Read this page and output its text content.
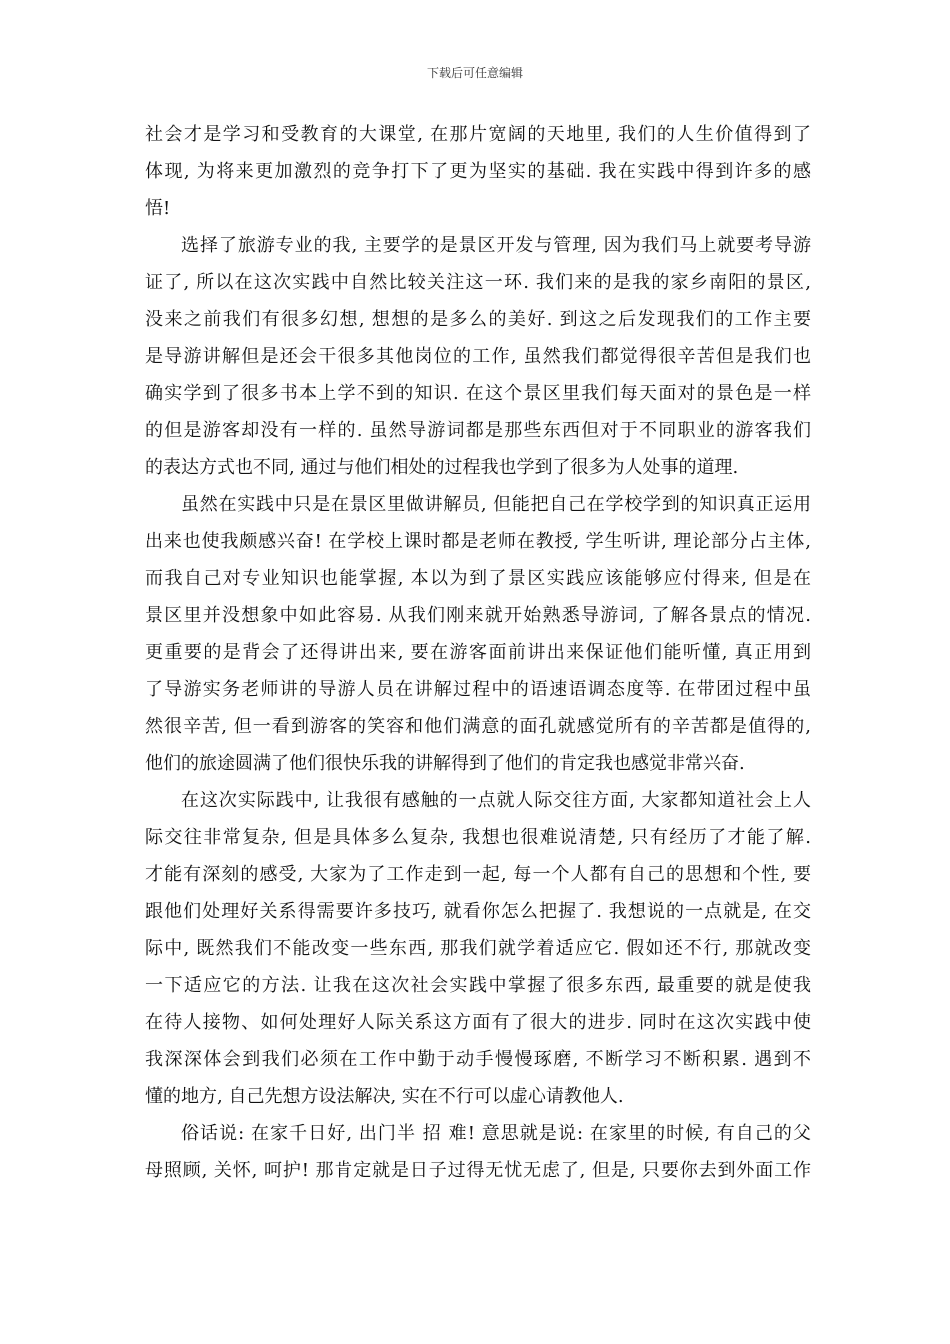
下载后可任意编辑

社会才是学习和受教育的大课堂, 在那片宽阔的天地里, 我们的人生价值得到了
体现, 为将来更加激烈的竞争打下了更为坚实的基础. 我在实践中得到许多的感
悟!

选择了旅游专业的我, 主要学的是景区开发与管理, 因为我们马上就要考导游
证了, 所以在这次实践中自然比较关注这一环. 我们来的是我的家乡南阳的景区,
没来之前我们有很多幻想, 想想的是多么的美好. 到这之后发现我们的工作主要
是导游讲解但是还会干很多其他岗位的工作, 虽然我们都觉得很辛苦但是我们也
确实学到了很多书本上学不到的知识. 在这个景区里我们每天面对的景色是一样
的但是游客却没有一样的. 虽然导游词都是那些东西但对于不同职业的游客我们
的表达方式也不同, 通过与他们相处的过程我也学到了很多为人处事的道理.

虽然在实践中只是在景区里做讲解员, 但能把自己在学校学到的知识真正运用
出来也使我颇感兴奋! 在学校上课时都是老师在教授, 学生听讲, 理论部分占主体,
而我自己对专业知识也能掌握, 本以为到了景区实践应该能够应付得来, 但是在
景区里并没想象中如此容易. 从我们刚来就开始熟悉导游词, 了解各景点的情况.
更重要的是背会了还得讲出来, 要在游客面前讲出来保证他们能听懂, 真正用到
了导游实务老师讲的导游人员在讲解过程中的语速语调态度等. 在带团过程中虽
然很辛苦, 但一看到游客的笑容和他们满意的面孔就感觉所有的辛苦都是值得的,
他们的旅途圆满了他们很快乐我的讲解得到了他们的肯定我也感觉非常兴奋.

在这次实际践中, 让我很有感触的一点就人际交往方面, 大家都知道社会上人
际交往非常复杂, 但是具体多么复杂, 我想也很难说清楚, 只有经历了才能了解.
才能有深刻的感受, 大家为了工作走到一起, 每一个人都有自己的思想和个性, 要
跟他们处理好关系得需要许多技巧, 就看你怎么把握了. 我想说的一点就是, 在交
际中, 既然我们不能改变一些东西, 那我们就学着适应它. 假如还不行, 那就改变
一下适应它的方法. 让我在这次社会实践中掌握了很多东西, 最重要的就是使我
在待人接物、如何处理好人际关系这方面有了很大的进步. 同时在这次实践中使
我深深体会到我们必须在工作中勤于动手慢慢琢磨, 不断学习不断积累. 遇到不
懂的地方, 自己先想方设法解决, 实在不行可以虚心请教他人.

俗话说: 在家千日好, 出门半 招 难! 意思就是说: 在家里的时候, 有自己的父
母照顾, 关怀, 呵护! 那肯定就是日子过得无忧无虑了, 但是, 只要你去到外面工作
